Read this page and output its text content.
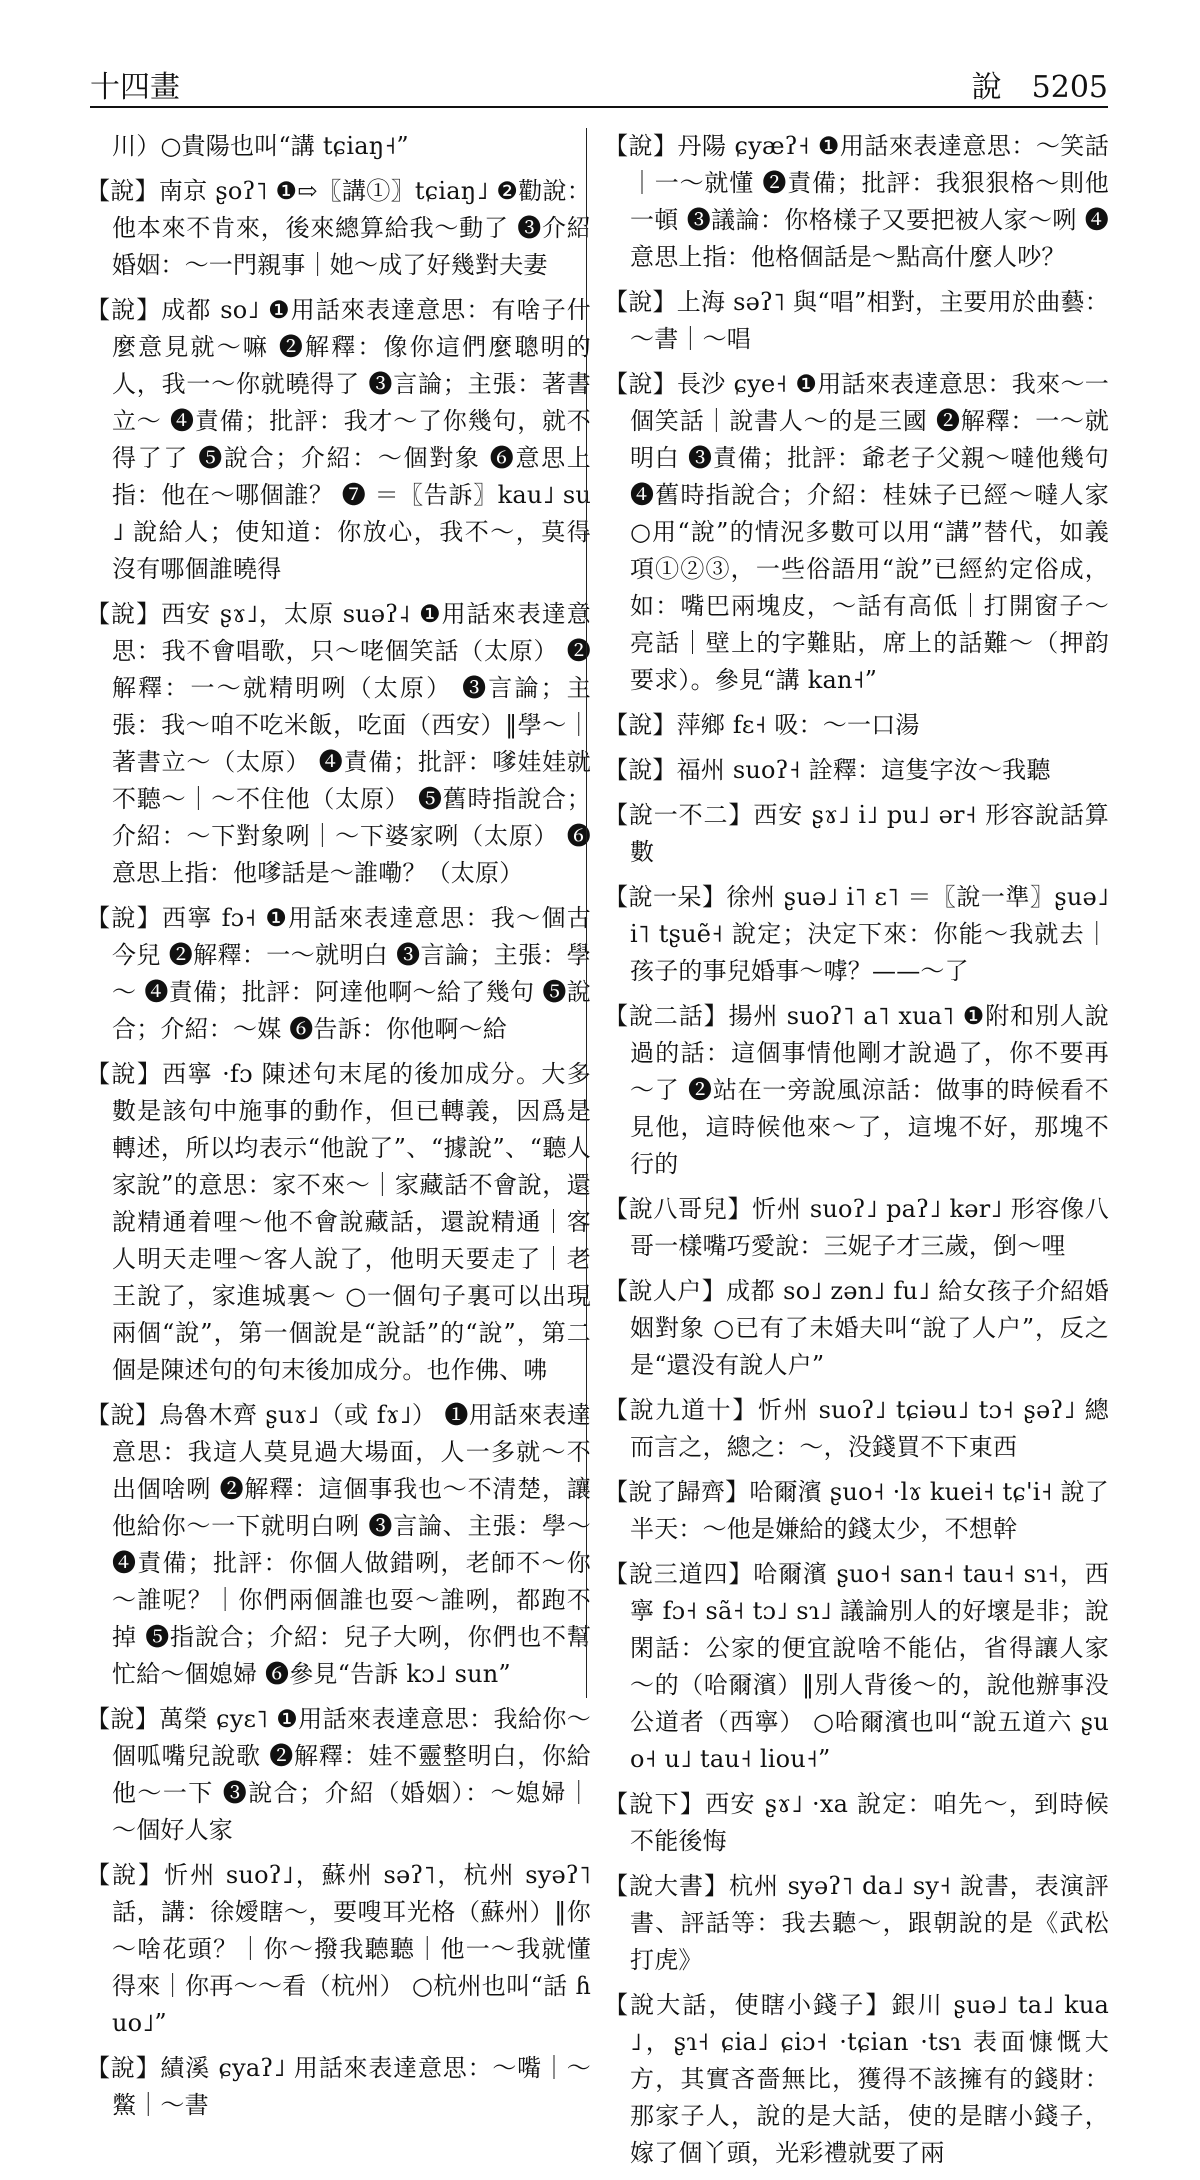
十四畫	說　5205

川）○貴陽也叫“講 tɕiaŋ˧”

【說】南京 ʂoʔ˥ ❶⇨〖講①〗tɕiaŋ˩ ❷勸說：他本來不肯來，後來總算給我～動了 ❸介紹婚姻：～一門親事｜她～成了好幾對夫妻

【說】成都 so˩ ❶用話來表達意思：有啥子什麼意見就～嘛 ❷解釋：像你這們麼聰明的人，我一～你就曉得了 ❸言論；主張：著書立～ ❹責備；批評：我才～了你幾句，就不得了了 ❺說合；介紹：～個對象 ❻意思上指：他在～哪個誰？ ❼ ＝〖告訴〗kau˩ su˩ 說給人；使知道：你放心，我不～，莫得沒有哪個誰曉得

【說】西安 ʂɤ˩，太原 suəʔ˨ ❶用話來表達意思：我不會唱歌，只～咾個笑話（太原） ❷解釋：一～就精明咧（太原） ❸言論；主張：我～咱不吃米飯，吃面（西安）‖學～｜著書立～（太原） ❹責備；批評：嗲娃娃就不聽～｜～不住他（太原） ❺舊時指說合；介紹：～下對象咧｜～下婆家咧（太原） ❻意思上指：他嗲話是～誰嘞？（太原）

【說】西寧 fɔ˧ ❶用話來表達意思：我～個古今兒 ❷解釋：一～就明白 ❸言論；主張：學～ ❹責備；批評：阿達他啊～給了幾句 ❺說合；介紹：～媒 ❻告訴：你他啊～給

【說】西寧 ·fɔ 陳述句末尾的後加成分。大多數是該句中施事的動作，但已轉義，因爲是轉述，所以均表示“他說了”、“據說”、“聽人家說”的意思：家不來～｜家藏話不會說，還說精通着哩～他不會說藏話，還說精通｜客人明天走哩～客人說了，他明天要走了｜老王說了，家進城裏～ ○一個句子裏可以出現兩個“說”，第一個說是“說話”的“說”，第二個是陳述句的句末後加成分。也作佛、咈

【說】烏魯木齊 ʂuɤ˩（或 fɤ˩） ❶用話來表達意思：我這人莫見過大場面，人一多就～不出個啥咧 ❷解釋：這個事我也～不清楚，讓他給你～一下就明白咧 ❸言論、主張：學～ ❹責備；批評：你個人做錯咧，老師不～你～誰呢？｜你們兩個誰也耍～誰咧，都跑不掉 ❺指說合；介紹：兒子大咧，你們也不幫忙給～個媳婦 ❻參見“告訴 kɔ˩ sun”

【說】萬榮 ɕyɛ˥ ❶用話來表達意思：我給你～個呱嘴兒說歌 ❷解釋：娃不靈整明白，你給他～一下 ❸說合；介紹（婚姻）：～媳婦｜～個好人家

【說】忻州 suoʔ˩，蘇州 səʔ˥，杭州 syəʔ˥ 話，講：徐嬡瞎～，要嗖耳光格（蘇州）‖你～啥花頭？｜你～撥我聽聽｜他一～我就懂得來｜你再～～看（杭州） ○杭州也叫“話 ɦuo˩”

【說】績溪 ɕyaʔ˩ 用話來表達意思：～嘴｜～鱉｜～書

【說】丹陽 ɕyæʔ˧ ❶用話來表達意思：～笑話｜一～就懂 ❷責備；批評：我狠狠格～則他一頓 ❸議論：你格樣子又要把被人家～咧 ❹意思上指：他格個話是～點高什麼人吵？

【說】上海 səʔ˥ 與“唱”相對，主要用於曲藝：～書｜～唱

【說】長沙 ɕye˧ ❶用話來表達意思：我來～一個笑話｜說書人～的是三國 ❷解釋：一～就明白 ❸責備；批評：爺老子父親～噠他幾句 ❹舊時指說合；介紹：桂妹子已經～噠人家 ○用“說”的情況多數可以用“講”替代，如義項①②③，一些俗語用“說”已經約定俗成，如：嘴巴兩塊皮，～話有高低｜打開窗子～亮話｜壁上的字難貼，席上的話難～（押韵要求）。參見“講 kan˧”

【說】萍鄉 fɛ˧ 吸：～一口湯

【說】福州 suoʔ˧ 詮釋：這隻字汝～我聽

【說一不二】西安 ʂɤ˩ i˩ pu˩ ər˧ 形容說話算數

【說一呆】徐州 ʂuə˩ i˥ ɛ˥ ＝〖說一準〗ʂuə˩ i˥ tʂuẽ˧ 說定；決定下來：你能～我就去｜孩子的事兒婚事～嘑？——～了

【說二話】揚州 suoʔ˥ a˥ xua˥ ❶附和別人說過的話：這個事情他剛才說過了，你不要再～了 ❷站在一旁說風涼話：做事的時候看不見他，這時候他來～了，這塊不好，那塊不行的

【說八哥兒】忻州 suoʔ˩ paʔ˩ kər˩ 形容像八哥一樣嘴巧愛說：三妮子才三歲，倒～哩

【說人户】成都 so˩ zən˩ fu˩ 給女孩子介紹婚姻對象 ○已有了未婚夫叫“說了人户”，反之是“還没有說人户”

【說九道十】忻州 suoʔ˩ tɕiəu˩ tɔ˧ ʂəʔ˩ 總而言之，總之：～，没錢買不下東西

【說了歸齊】哈爾濱 ʂuo˧ ·lɤ kuei˧ tɕ'i˧ 說了半天：～他是嫌給的錢太少，不想幹

【說三道四】哈爾濱 ʂuo˧ san˧ tau˧ sɿ˧，西寧 fɔ˧ sã˧ tɔ˩ sɿ˩ 議論別人的好壞是非；說閑話：公家的便宜說啥不能佔，省得讓人家～的（哈爾濱）‖別人背後～的，說他辦事没公道者（西寧） ○哈爾濱也叫“說五道六 ʂuo˧ u˩ tau˧ liou˧”

【說下】西安 ʂɤ˩ ·xa 說定：咱先～，到時候不能後悔

【說大書】杭州 syəʔ˥ da˩ sy˧ 說書，表演評書、評話等：我去聽～，跟朝說的是《武松打虎》

【說大話，使瞎小錢子】銀川 ʂuə˩ ta˩ kua˩，ʂɿ˧ ɕia˩ ɕiɔ˧ ·tɕian ·tsɿ 表面慷慨大方，其實吝嗇無比，獲得不該擁有的錢財：那家子人，說的是大話，使的是瞎小錢子，嫁了個丫頭，光彩禮就要了兩
